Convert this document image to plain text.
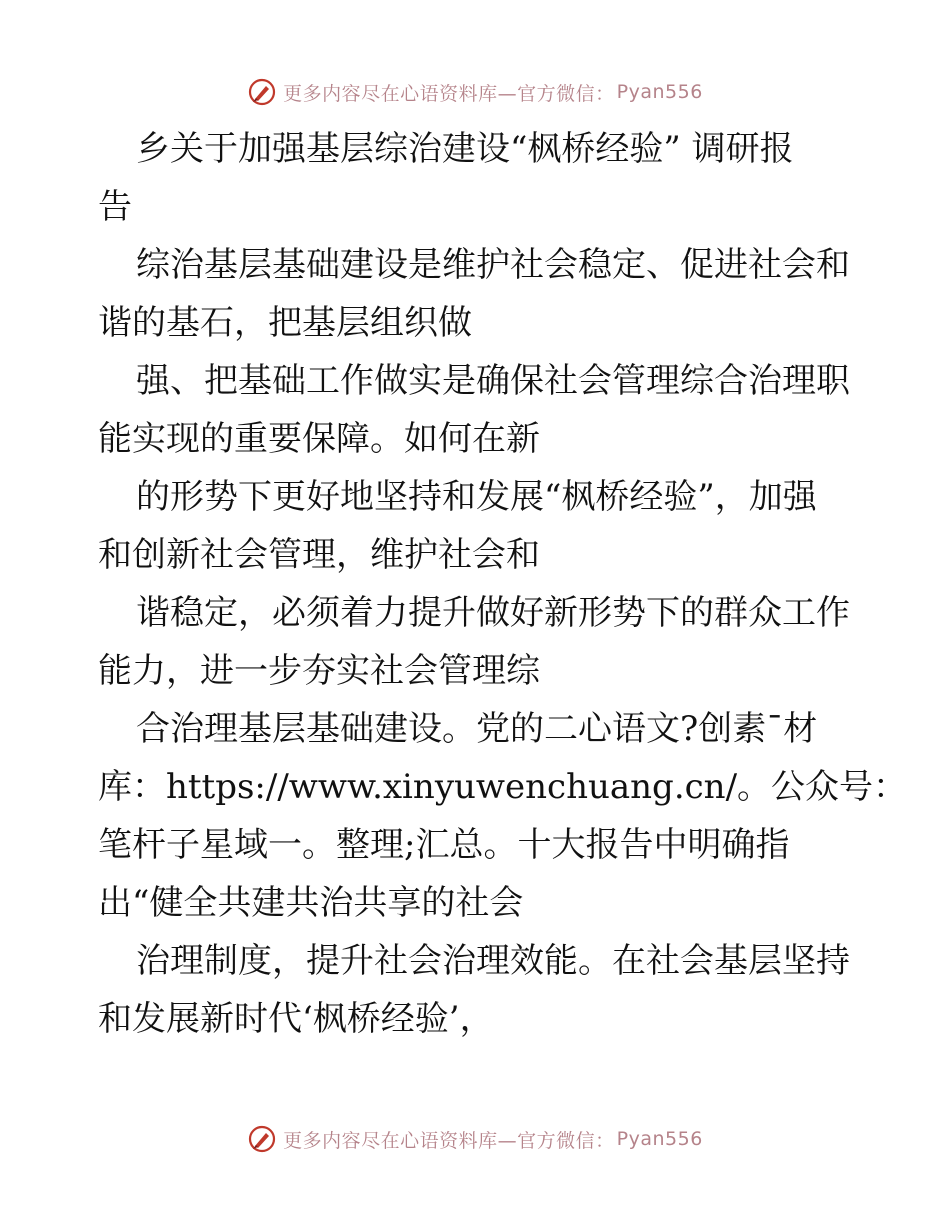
更多内容尽在心语资料库—官方微信： Pyan556

乡关于加强基层综治建设“枫桥经验” 调研报

告

综治基层基础建设是维护社会稳定、促进社会和

谐的基石，把基层组织做

强、把基础工作做实是确保社会管理综合治理职

能实现的重要保障。如何在新

的形势下更好地坚持和发展“枫桥经验”，加强

和创新社会管理，维护社会和

谐稳定，必须着力提升做好新形势下的群众工作

能力，进一步夯实社会管理综

合治理基层基础建设。党的二心语文?创素¯材

库：https://www.xinyuwenchuang.cn/。公众号：

笔杆子星域一。整理;汇总。十大报告中明确指

出“健全共建共治共享的社会

治理制度，提升社会治理效能。在社会基层坚持

和发展新时代‘枫桥经验’，

更多内容尽在心语资料库—官方微信： Pyan556
